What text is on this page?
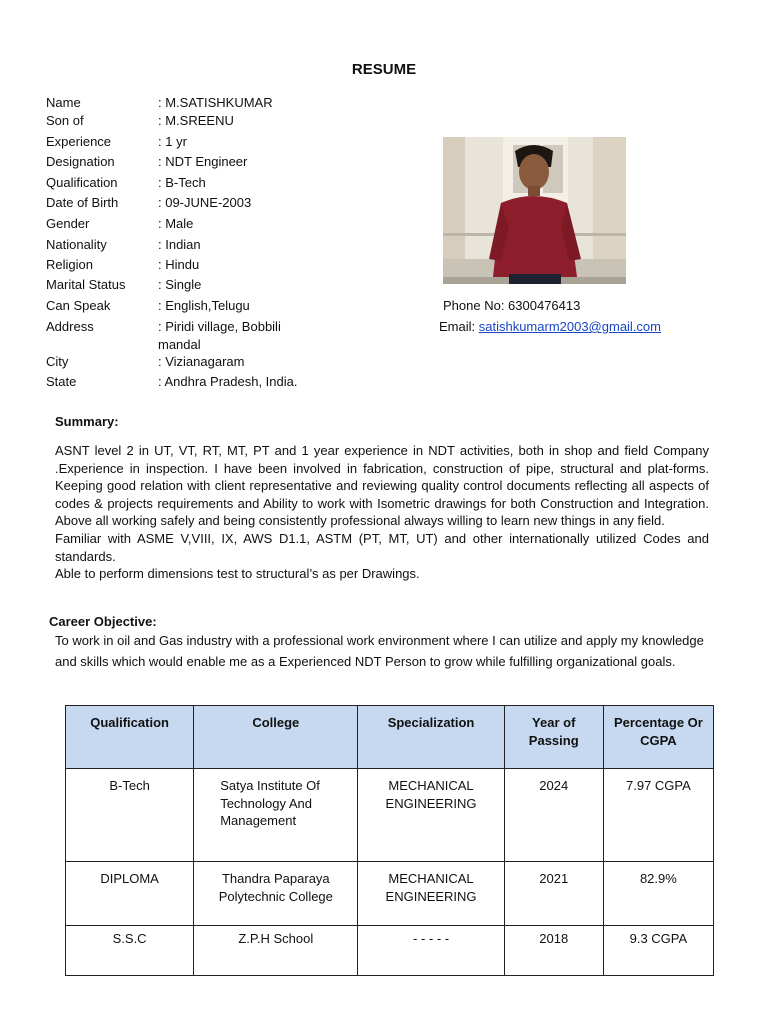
RESUME
Name	: M.SATISHKUMAR
Son of	: M.SREENU
Experience	: 1 yr
Designation	: NDT Engineer
Qualification	: B-Tech
Date of Birth	: 09-JUNE-2003
Gender	: Male
Nationality	: Indian
Religion	: Hindu
Marital Status	: Single
Can Speak	: English,Telugu
Address	: Piridi village, Bobbili mandal
City	: Vizianagaram
State	: Andhra Pradesh, India.
Phone No: 6300476413
Email: satishkumarm2003@gmail.com
Summary:

ASNT level 2 in UT, VT, RT, MT, PT and 1 year experience in NDT activities, both in shop and field Company .Experience in inspection. I have been involved in fabrication, construction of pipe, structural and plat-forms. Keeping good relation with client representative and reviewing quality control documents reflecting all aspects of codes & projects requirements and Ability to work with Isometric drawings for both Construction and Integration. Above all working safely and being consistently professional always willing to learn new things in any field.

Familiar with ASME V,VIII, IX, AWS D1.1, ASTM (PT, MT, UT) and other internationally utilized Codes and standards.

Able to perform dimensions test to structural’s as per Drawings.

Career Objective:
To work in oil and Gas industry with a professional work environment where I can utilize and apply my knowledge and skills which would enable me as a Experienced NDT Person to grow while fulfilling organizational goals.
Qualification	College	Specialization	Year of Passing	Percentage Or CGPA
B-Tech	Satya Institute Of Technology And Management	MECHANICAL ENGINEERING	2024	7.97 CGPA
DIPLOMA	Thandra Paparaya Polytechnic College	MECHANICAL ENGINEERING	2021	82.9%
S.S.C	Z.P.H School	- - - - -	2018	9.3 CGPA
